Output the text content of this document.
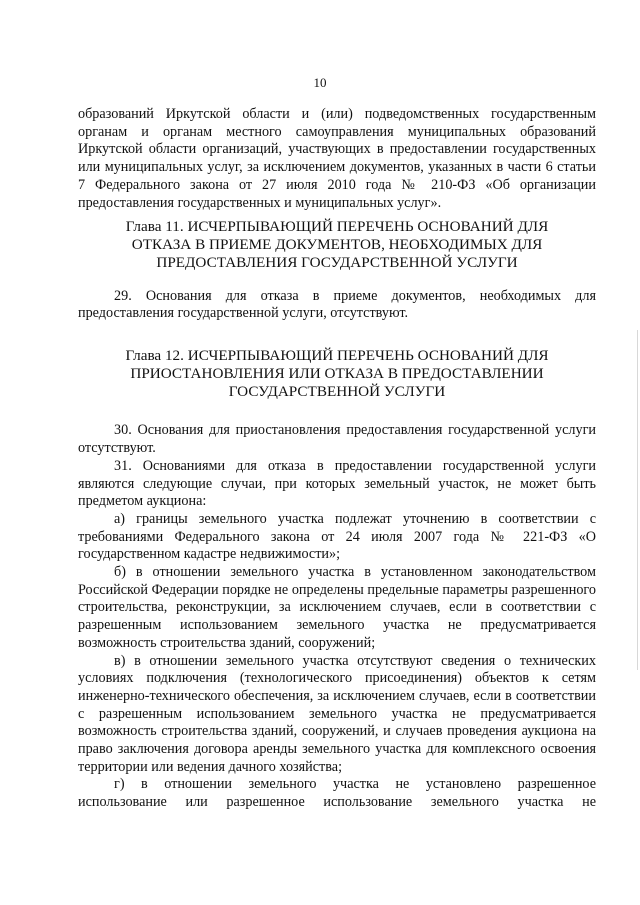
10

образований Иркутской области и (или) подведомственных государственным органам и органам местного самоуправления муниципальных образований Иркутской области организаций, участвующих в предоставлении государственных или муниципальных услуг, за исключением документов, указанных в части 6 статьи 7 Федерального закона от 27 июля 2010 года № 210-ФЗ «Об организации предоставления государственных и муниципальных услуг».

Глава 11. ИСЧЕРПЫВАЮЩИЙ ПЕРЕЧЕНЬ ОСНОВАНИЙ ДЛЯ
ОТКАЗА В ПРИЕМЕ ДОКУМЕНТОВ, НЕОБХОДИМЫХ ДЛЯ
ПРЕДОСТАВЛЕНИЯ ГОСУДАРСТВЕННОЙ УСЛУГИ

29. Основания для отказа в приеме документов, необходимых для предоставления государственной услуги, отсутствуют.

Глава 12. ИСЧЕРПЫВАЮЩИЙ ПЕРЕЧЕНЬ ОСНОВАНИЙ ДЛЯ
ПРИОСТАНОВЛЕНИЯ ИЛИ ОТКАЗА В ПРЕДОСТАВЛЕНИИ
ГОСУДАРСТВЕННОЙ УСЛУГИ

30. Основания для приостановления предоставления государственной услуги отсутствуют.

31. Основаниями для отказа в предоставлении государственной услуги являются следующие случаи, при которых земельный участок, не может быть предметом аукциона:

а) границы земельного участка подлежат уточнению в соответствии с требованиями Федерального закона от 24 июля 2007 года № 221-ФЗ «О государственном кадастре недвижимости»;

б) в отношении земельного участка в установленном законодательством Российской Федерации порядке не определены предельные параметры разрешенного строительства, реконструкции, за исключением случаев, если в соответствии с разрешенным использованием земельного участка не предусматривается возможность строительства зданий, сооружений;

в) в отношении земельного участка отсутствуют сведения о технических условиях подключения (технологического присоединения) объектов к сетям инженерно-технического обеспечения, за исключением случаев, если в соответствии с разрешенным использованием земельного участка не предусматривается возможность строительства зданий, сооружений, и случаев проведения аукциона на право заключения договора аренды земельного участка для комплексного освоения территории или ведения дачного хозяйства;

г) в отношении земельного участка не установлено разрешенное использование или разрешенное использование земельного участка не
